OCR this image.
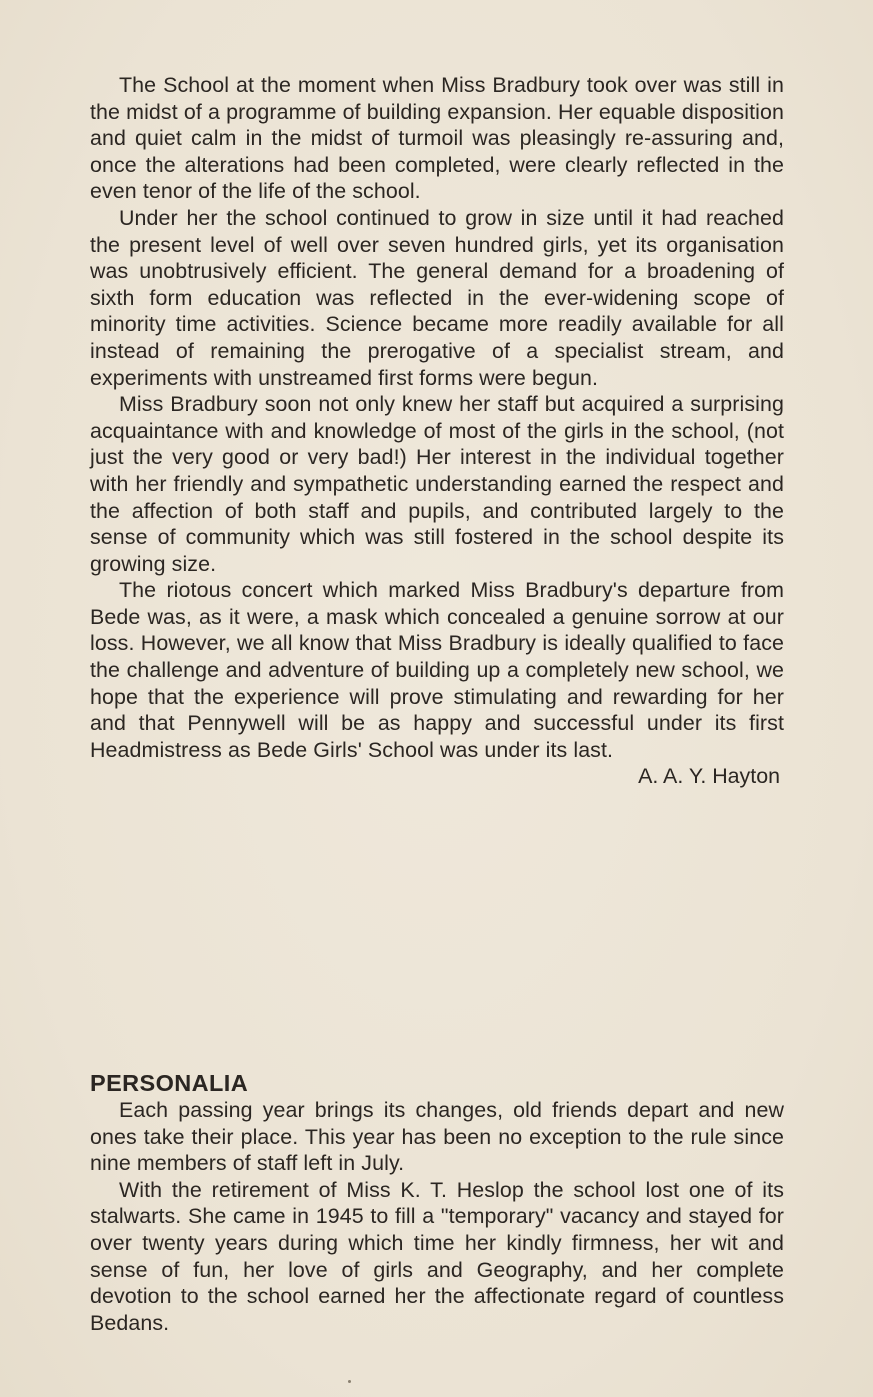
The School at the moment when Miss Bradbury took over was still in the midst of a programme of building expansion. Her equable disposition and quiet calm in the midst of turmoil was pleasingly re-assuring and, once the alterations had been completed, were clearly reflected in the even tenor of the life of the school.

Under her the school continued to grow in size until it had reached the present level of well over seven hundred girls, yet its organisation was unobtrusively efficient. The general demand for a broadening of sixth form education was reflected in the ever-widening scope of minority time activities. Science became more readily available for all instead of remaining the prerogative of a specialist stream, and experiments with unstreamed first forms were begun.

Miss Bradbury soon not only knew her staff but acquired a surprising acquaintance with and knowledge of most of the girls in the school, (not just the very good or very bad!) Her interest in the individual together with her friendly and sympathetic understanding earned the respect and the affection of both staff and pupils, and contributed largely to the sense of community which was still fostered in the school despite its growing size.

The riotous concert which marked Miss Bradbury's departure from Bede was, as it were, a mask which concealed a genuine sorrow at our loss. However, we all know that Miss Bradbury is ideally qualified to face the challenge and adventure of building up a completely new school, we hope that the experience will prove stimulating and rewarding for her and that Pennywell will be as happy and successful under its first Headmistress as Bede Girls' School was under its last.

A. A. Y. Hayton

PERSONALIA

Each passing year brings its changes, old friends depart and new ones take their place. This year has been no exception to the rule since nine members of staff left in July.

With the retirement of Miss K. T. Heslop the school lost one of its stalwarts. She came in 1945 to fill a "temporary" vacancy and stayed for over twenty years during which time her kindly firmness, her wit and sense of fun, her love of girls and Geography, and her complete devotion to the school earned her the affectionate regard of countless Bedans.
